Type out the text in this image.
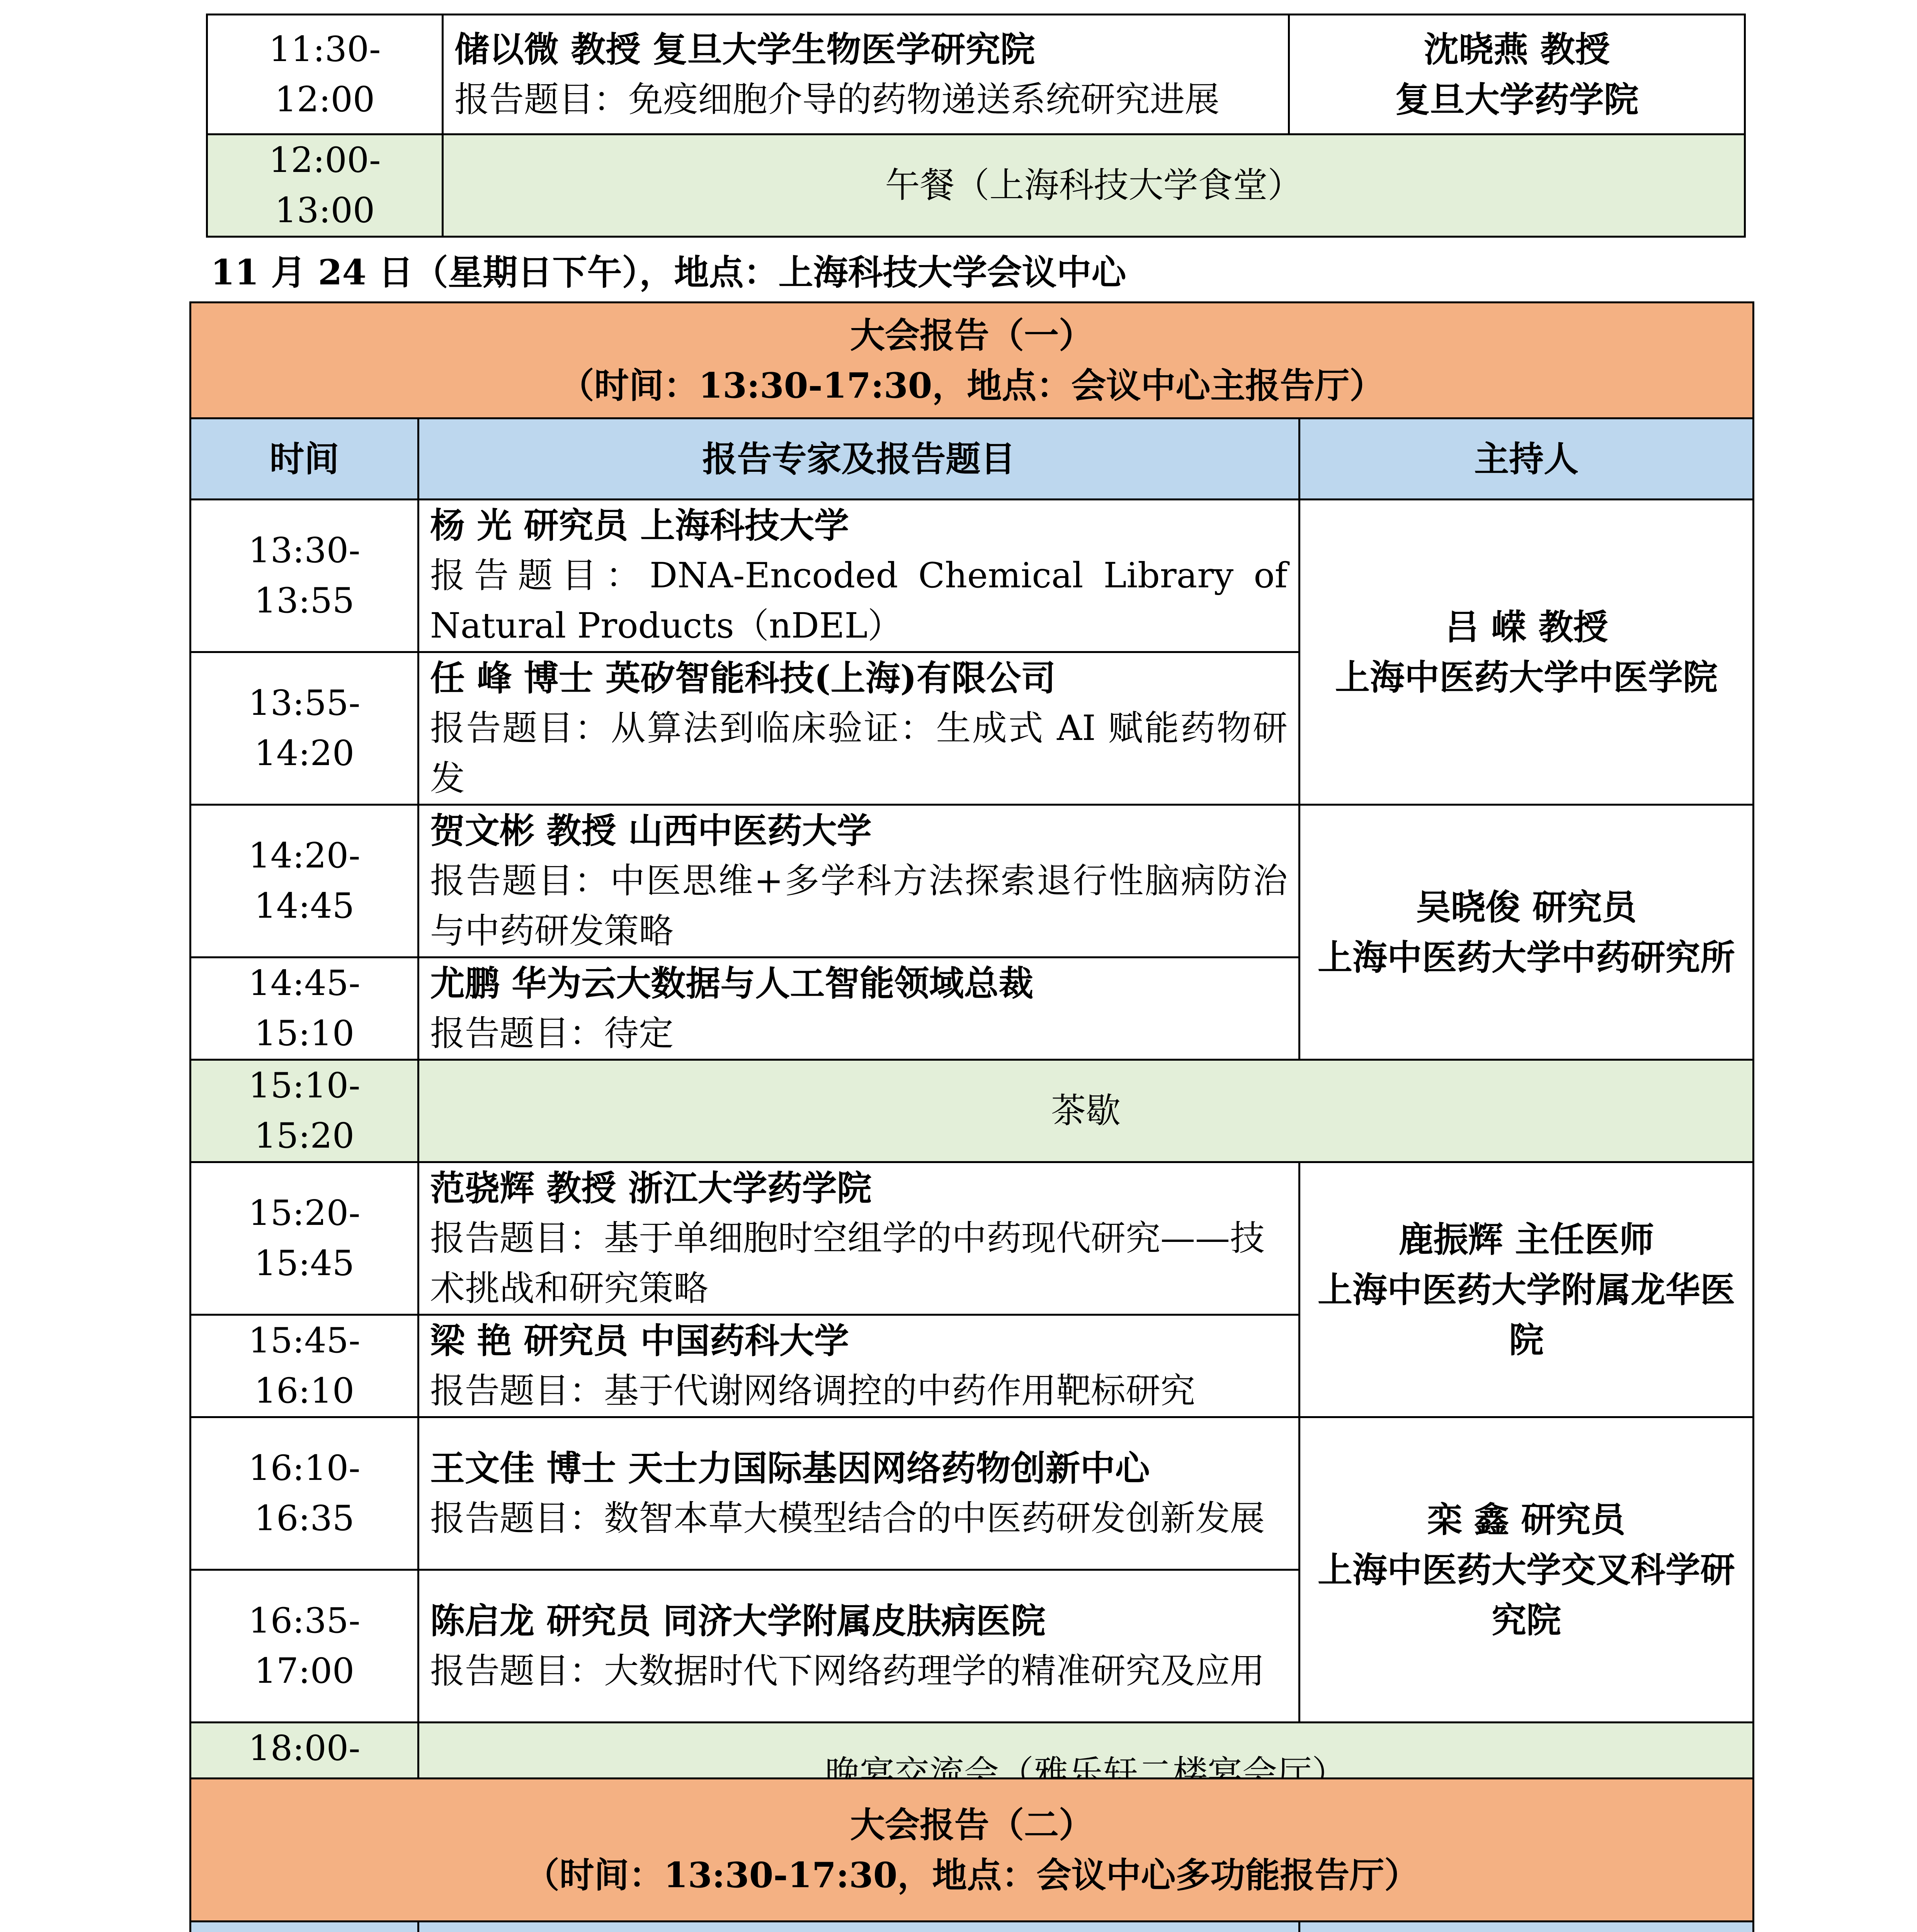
11:30-12:00	储以微 教授 复旦大学生物医学研究院
报告题目：免疫细胞介导的药物递送系统研究进展	沈晓燕 教授
复旦大学药学院

12:00-13:00	午餐（上海科技大学食堂）	
11 月 24 日（星期日下午），地点：上海科技大学会议中心
大会报告（一）
（时间：13:30-17:30，地点：会议中心主报告厅）		

时间	报告专家及报告题目	主持人
13:30-13:55	杨 光 研究员 上海科技大学
报告题目：DNA-Encoded Chemical Library of Natural Products（nDEL）	吕 嵘 教授
上海中医药大学中医学院

13:55-14:20	任 峰 博士 英矽智能科技(上海)有限公司
报告题目：从算法到临床验证：生成式 AI 赋能药物研发	

14:20-14:45	贺文彬 教授 山西中医药大学
报告题目：中医思维+多学科方法探索退行性脑病防治与中药研发策略	吴晓俊 研究员
上海中医药大学中药研究所

14:45-15:10	尤鹏 华为云大数据与人工智能领域总裁
报告题目：待定	

15:10-15:20	茶歇	
15:20-15:45	范骁辉 教授 浙江大学药学院
报告题目：基于单细胞时空组学的中药现代研究——技术挑战和研究策略	鹿振辉 主任医师
上海中医药大学附属龙华医院

15:45-16:10	梁 艳 研究员 中国药科大学
报告题目：基于代谢网络调控的中药作用靶标研究	

16:10-16:35	王文佳 博士 天士力国际基因网络药物创新中心
报告题目：数智本草大模型结合的中医药研发创新发展	栾 鑫 研究员
上海中医药大学交叉科学研究院

16:35-17:00	陈启龙 研究员 同济大学附属皮肤病医院
报告题目：大数据时代下网络药理学的精准研究及应用	

18:00-20:00	晚宴交流会（雅乐轩二楼宴会厅）	
大会报告（二）
（时间：13:30-17:30，地点：会议中心多功能报告厅）		
